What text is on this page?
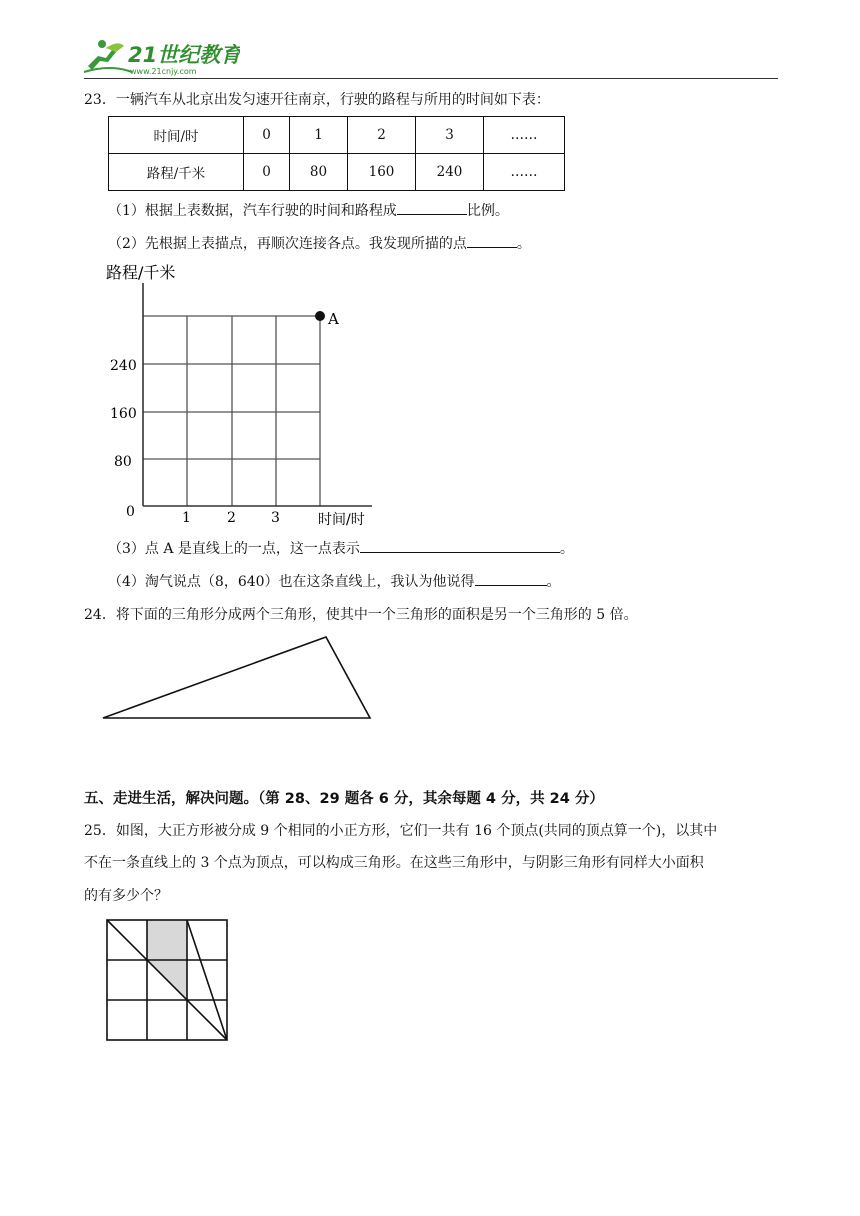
21世纪教育
www.21cnjy.com
23．一辆汽车从北京出发匀速开往南京，行驶的路程与所用的时间如下表：
时间/时	0	1	2	3	……
路程/千米	0	80	160	240	……
（1）根据上表数据，汽车行驶的时间和路程成	比例。
（2）先根据上表描点，再顺次连接各点。我发现所描的点	。
A
路程/千米
时间/时
0
80
160
240
1	2	3
（3）点 A 是直线上的一点，这一点表示	。
（4）淘气说点（8，640）也在这条直线上，我认为他说得	。
24．将下面的三角形分成两个三角形，使其中一个三角形的面积是另一个三角形的 5 倍。
五、走进生活，解决问题。（第 28、29 题各 6 分，其余每题 4 分，共 24 分）
25．如图，大正方形被分成 9 个相同的小正方形，它们一共有 16 个顶点(共同的顶点算一个)，以其中
不在一条直线上的 3 个点为顶点，可以构成三角形。在这些三角形中，与阴影三角形有同样大小面积
的有多少个？
